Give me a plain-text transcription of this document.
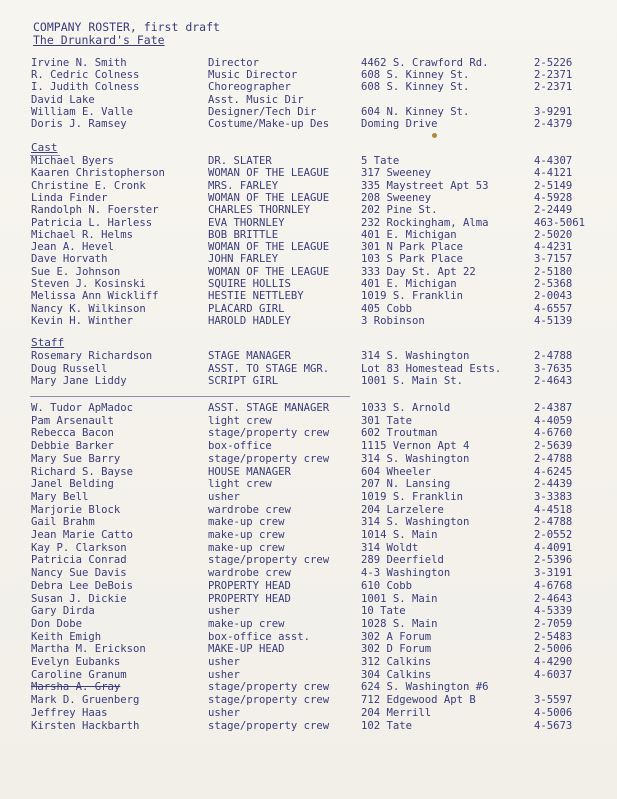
COMPANY ROSTER, first draft
The Drunkard's Fate
Irvine N. Smith	Director	4462 S. Crawford Rd.	2-5226
R. Cedric Colness	Music Director	608 S. Kinney St.	2-2371
I. Judith Colness	Choreographer	608 S. Kinney St.	2-2371
David Lake	Asst. Music Dir
William E. Valle	Designer/Tech Dir	604 N. Kinney St.	3-9291
Doris J. Ramsey	Costume/Make-up Des	Doming Drive	2-4379
Michael Byers	DR. SLATER	5 Tate	4-4307
Kaaren Christopherson	WOMAN OF THE LEAGUE	317 Sweeney	4-4121
Christine E. Cronk	MRS. FARLEY	335 Maystreet Apt 53	2-5149
Linda Finder	WOMAN OF THE LEAGUE	208 Sweeney	4-5928
Randolph N. Foerster	CHARLES THORNLEY	202 Pine St.	2-2449
Patricia L. Harless	EVA THORNLEY	232 Rockingham, Alma	463-5061
Michael R. Helms	BOB BRITTLE	401 E. Michigan	2-5020
Jean A. Hevel	WOMAN OF THE LEAGUE	301 N Park Place	4-4231
Dave Horvath	JOHN FARLEY	103 S Park Place	3-7157
Sue E. Johnson	WOMAN OF THE LEAGUE	333 Day St. Apt 22	2-5180
Steven J. Kosinski	SQUIRE HOLLIS	401 E. Michigan	2-5368
Melissa Ann Wickliff	HESTIE NETTLEBY	1019 S. Franklin	2-0043
Nancy K. Wilkinson	PLACARD GIRL	405 Cobb	4-6557
Kevin H. Winther	HAROLD HADLEY	3 Robinson	4-5139
Rosemary Richardson	STAGE MANAGER	314 S. Washington	2-4788
Doug Russell	ASST. TO STAGE MGR.	Lot 83 Homestead Ests.	3-7635
Mary Jane Liddy	SCRIPT GIRL	1001 S. Main St.	2-4643
W. Tudor ApMadoc	ASST. STAGE MANAGER	1033 S. Arnold	2-4387
Pam Arsenault	light crew	301 Tate	4-4059
Rebecca Bacon	stage/property crew	602 Troutman	4-6760
Debbie Barker	box-office	1115 Vernon Apt 4	2-5639
Mary Sue Barry	stage/property crew	314 S. Washington	2-4788
Richard S. Bayse	HOUSE MANAGER	604 Wheeler	4-6245
Janel Belding	light crew	207 N. Lansing	2-4439
Mary Bell	usher	1019 S. Franklin	3-3383
Marjorie Block	wardrobe crew	204 Larzelere	4-4518
Gail Brahm	make-up crew	314 S. Washington	2-4788
Jean Marie Catto	make-up crew	1014 S. Main	2-0552
Kay P. Clarkson	make-up crew	314 Woldt	4-4091
Patricia Conrad	stage/property crew	289 Deerfield	2-5396
Nancy Sue Davis	wardrobe crew	4-3 Washington	3-3191
Debra Lee DeBois	PROPERTY HEAD	610 Cobb	4-6768
Susan J. Dickie	PROPERTY HEAD	1001 S. Main	2-4643
Gary Dirda	usher	10 Tate	4-5339
Don Dobe	make-up crew	1028 S. Main	2-7059
Keith Emigh	box-office asst.	302 A Forum	2-5483
Martha M. Erickson	MAKE-UP HEAD	302 D Forum	2-5006
Evelyn Eubanks	usher	312 Calkins	4-4290
Caroline Granum	usher	304 Calkins	4-6037
Marsha A. Gray	stage/property crew	624 S. Washington #6
Mark D. Gruenberg	stage/property crew	712 Edgewood Apt B	3-5597
Jeffrey Haas	usher	204 Merrill	4-5006
Kirsten Hackbarth	stage/property crew	102 Tate	4-5673
Cast
Staff
